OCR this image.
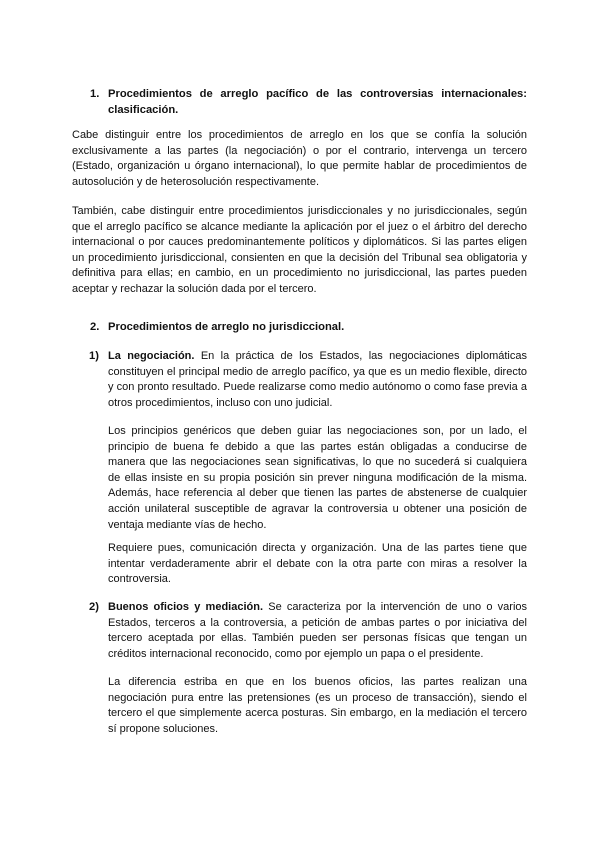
1. Procedimientos de arreglo pacífico de las controversias internacionales: clasificación.

Cabe distinguir entre los procedimientos de arreglo en los que se confía la solución exclusivamente a las partes (la negociación) o por el contrario, intervenga un tercero (Estado, organización u órgano internacional), lo que permite hablar de procedimientos de autosolución y de heterosolución respectivamente.

También, cabe distinguir entre procedimientos jurisdiccionales y no jurisdiccionales, según que el arreglo pacífico se alcance mediante la aplicación por el juez o el árbitro del derecho internacional o por cauces predominantemente políticos y diplomáticos. Si las partes eligen un procedimiento jurisdiccional, consienten en que la decisión del Tribunal sea obligatoria y definitiva para ellas; en cambio, en un procedimiento no jurisdiccional, las partes pueden aceptar y rechazar la solución dada por el tercero.

2. Procedimientos de arreglo no jurisdiccional.
1) La negociación. En la práctica de los Estados, las negociaciones diplomáticas constituyen el principal medio de arreglo pacífico, ya que es un medio flexible, directo y con pronto resultado. Puede realizarse como medio autónomo o como fase previa a otros procedimientos, incluso con uno judicial.

Los principios genéricos que deben guiar las negociaciones son, por un lado, el principio de buena fe debido a que las partes están obligadas a conducirse de manera que las negociaciones sean significativas, lo que no sucederá si cualquiera de ellas insiste en su propia posición sin prever ninguna modificación de la misma. Además, hace referencia al deber que tienen las partes de abstenerse de cualquier acción unilateral susceptible de agravar la controversia u obtener una posición de ventaja mediante vías de hecho.

Requiere pues, comunicación directa y organización. Una de las partes tiene que intentar verdaderamente abrir el debate con la otra parte con miras a resolver la controversia.

2) Buenos oficios y mediación. Se caracteriza por la intervención de uno o varios Estados, terceros a la controversia, a petición de ambas partes o por iniciativa del tercero aceptada por ellas. También pueden ser personas físicas que tengan un créditos internacional reconocido, como por ejemplo un papa o el presidente.

La diferencia estriba en que en los buenos oficios, las partes realizan una negociación pura entre las pretensiones (es un proceso de transacción), siendo el tercero el que simplemente acerca posturas. Sin embargo, en la mediación el tercero sí propone soluciones.
